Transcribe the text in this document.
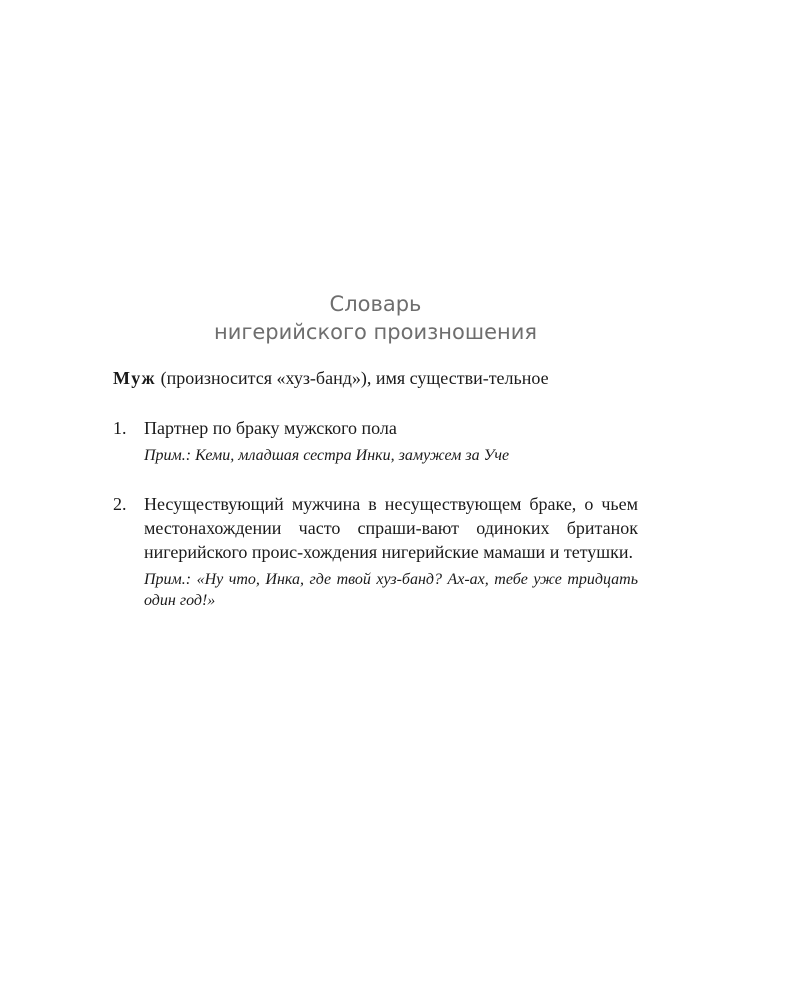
Словарь
нигерийского произношения

Муж (произносится «хуз-банд»), имя существи-тельное

1. Партнер по браку мужского пола

Прим.: Кеми, младшая сестра Инки, замужем за Уче

2. Несуществующий мужчина в несуществующем браке, о чьем местонахождении часто спраши-вают одиноких британок нигерийского проис-хождения нигерийские мамаши и тетушки.

Прим.: «Ну что, Инка, где твой хуз-банд? Ах-ах, тебе уже тридцать один год!»
